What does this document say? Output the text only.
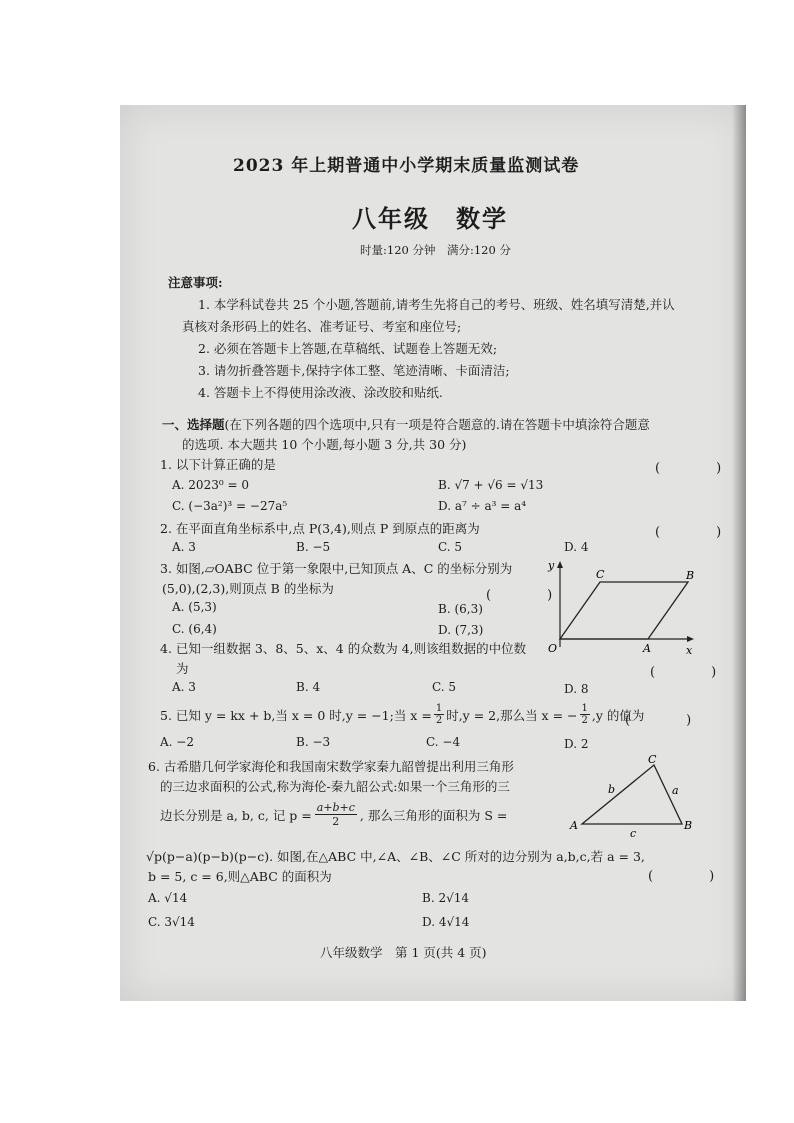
2023 年上期普通中小学期末质量监测试卷
八年级　数学
时量:120 分钟　满分:120 分
注意事项:
1. 本学科试卷共 25 个小题,答题前,请考生先将自己的考号、班级、姓名填写清楚,并认
真核对条形码上的姓名、准考证号、考室和座位号;
2. 必须在答题卡上答题,在草稿纸、试题卷上答题无效;
3. 请勿折叠答题卡,保持字体工整、笔迹清晰、卡面清洁;
4. 答题卡上不得使用涂改液、涂改胶和贴纸.
一、选择题(在下列各题的四个选项中,只有一项是符合题意的.请在答题卡中填涂符合题意
的选项. 本大题共 10 个小题,每小题 3 分,共 30 分)
1. 以下计算正确的是	(　　)
A. 2023⁰ = 0	B. √7 + √6 = √13
C. (−3a²)³ = −27a⁵	D. a⁷ ÷ a³ = a⁴
2. 在平面直角坐标系中,点 P(3,4),则点 P 到原点的距离为	(　　)
A. 3	B. −5	C. 5	D. 4
3. 如图,▱OABC 位于第一象限中,已知顶点 A、C 的坐标分别为
(5,0),(2,3),则顶点 B 的坐标为	(　　)
A. (5,3)	B. (6,3)
C. (6,4)	D. (7,3)
y
x
O	A
B
C
4. 已知一组数据 3、8、5、x、4 的众数为 4,则该组数据的中位数
为	(　　)
A. 3	B. 4	C. 5	D. 8
5. 已知 y = kx + b,当 x = 0 时,y = −1;当 $x = \frac{1}{2}$ 时,y = 2,那么当 x = − $\frac{1}{2} ,y$ 的值为
(　　)
A. −2	B. −3	C. −4	D. 2
6. 古希腊几何学家海伦和我国南宋数学家秦九韶曾提出利用三角形
的三边求面积的公式,称为海伦-秦九韶公式:如果一个三角形的三
边长分别是 a, b, c, 记 $p = \frac{a+b+c}{2}$ , 那么三角形的面积为 S =
√p(p−a)(p−b)(p−c). 如图,在△ABC 中,∠A、∠B、∠C 所对的边分别为 a,b,c,若 a = 3,
b = 5, c = 6,则△ABC 的面积为	(　　)
A. √14	B. 2√14
C. 3√14	D. 4√14
A	B
C
b	a
c
八年级数学　第 1 页(共 4 页)
